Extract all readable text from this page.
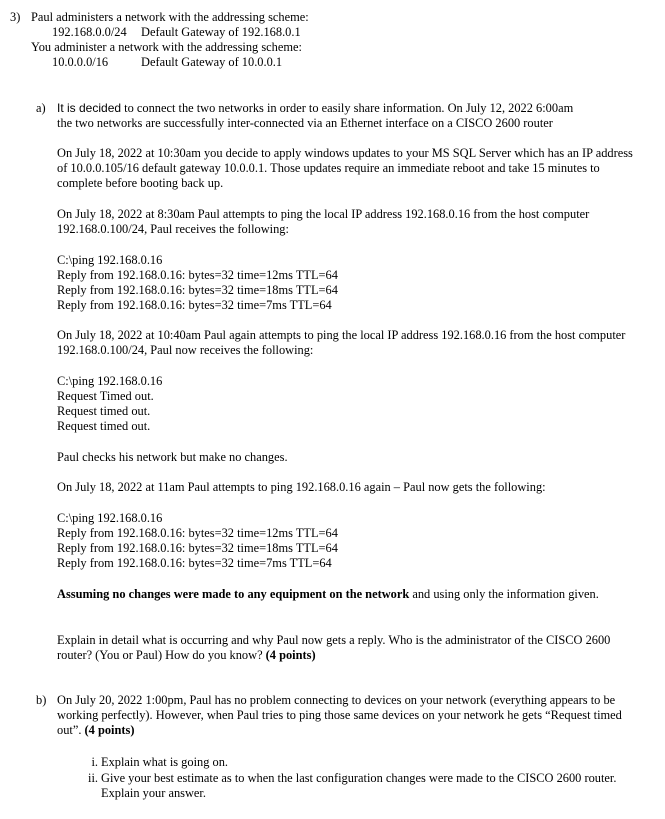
3) Paul administers a network with the addressing scheme:
192.168.0.0/24 Default Gateway of 192.168.0.1
You administer a network with the addressing scheme:
10.0.0.0/16	Default Gateway of 10.0.0.1
a) It is decided to connect the two networks in order to easily share information. On July 12, 2022 6:00am
the two networks are successfully inter-connected via an Ethernet interface on a CISCO 2600 router
On July 18, 2022 at 10:30am you decide to apply windows updates to your MS SQL Server which has an IP address of 10.0.0.105/16 default gateway 10.0.0.1. Those updates require an immediate reboot and take 15 minutes to complete before booting back up.
On July 18, 2022 at 8:30am Paul attempts to ping the local IP address 192.168.0.16 from the host computer 192.168.0.100/24, Paul receives the following:
C:\ping 192.168.0.16
Reply from 192.168.0.16: bytes=32 time=12ms TTL=64
Reply from 192.168.0.16: bytes=32 time=18ms TTL=64
Reply from 192.168.0.16: bytes=32 time=7ms TTL=64
On July 18, 2022 at 10:40am Paul again attempts to ping the local IP address 192.168.0.16 from the host computer 192.168.0.100/24, Paul now receives the following:
C:\ping 192.168.0.16
Request Timed out.
Request timed out.
Request timed out.
Paul checks his network but make no changes.
On July 18, 2022 at 11am Paul attempts to ping 192.168.0.16 again – Paul now gets the following:
C:\ping 192.168.0.16
Reply from 192.168.0.16: bytes=32 time=12ms TTL=64
Reply from 192.168.0.16: bytes=32 time=18ms TTL=64
Reply from 192.168.0.16: bytes=32 time=7ms TTL=64
Assuming no changes were made to any equipment on the network and using only the information given.
Explain in detail what is occurring and why Paul now gets a reply. Who is the administrator of the CISCO 2600 router? (You or Paul) How do you know? (4 points)
b) On July 20, 2022 1:00pm, Paul has no problem connecting to devices on your network (everything appears to be working perfectly). However, when Paul tries to ping those same devices on your network he gets “Request timed out”. (4 points)
i. Explain what is going on.
ii. Give your best estimate as to when the last configuration changes were made to the CISCO 2600 router. Explain your answer.
